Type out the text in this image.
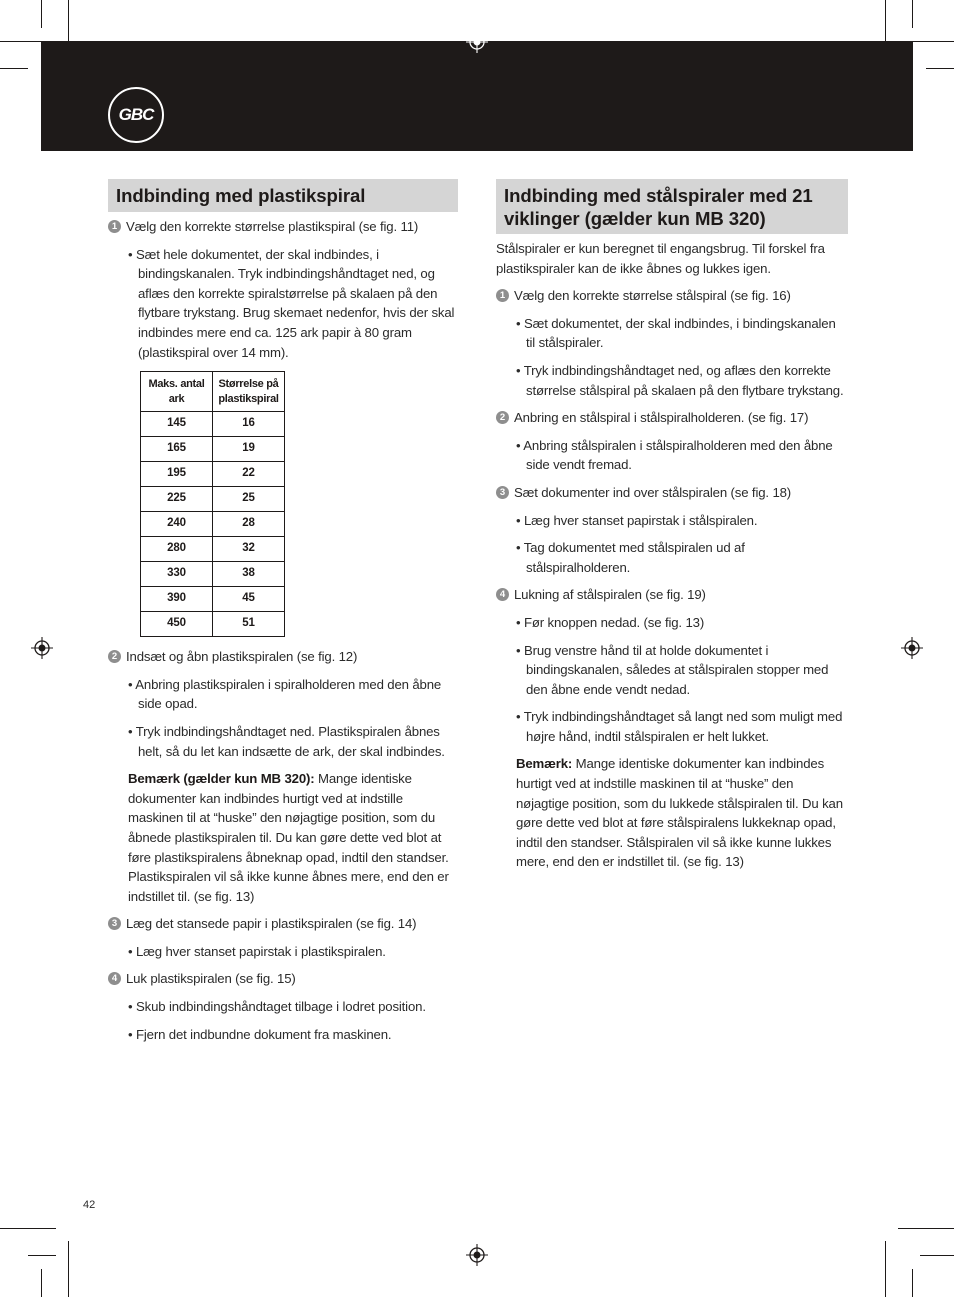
GBC
Indbinding med plastikspiral
1 Vælg den korrekte størrelse plastikspiral (se fig. 11)

• Sæt hele dokumentet, der skal indbindes, i bindingskanalen. Tryk indbindingshåndtaget ned, og aflæs den korrekte spiralstørrelse på skalaen på den flytbare trykstang. Brug skemaet nedenfor, hvis der skal indbindes mere end ca. 125 ark papir à 80 gram (plastikspiral over 14 mm).

Maks. antal ark	Størrelse på plastikspiral
145	16
165	19
195	22
225	25
240	28
280	32
330	38
390	45
450	51
2 Indsæt og åbn plastikspiralen (se fig. 12)

• Anbring plastikspiralen i spiralholderen med den åbne side opad.

• Tryk indbindingshåndtaget ned. Plastikspiralen åbnes helt, så du let kan indsætte de ark, der skal indbindes.

Bemærk (gælder kun MB 320): Mange identiske dokumenter kan indbindes hurtigt ved at indstille maskinen til at “huske” den nøjagtige position, som du åbnede plastikspiralen til. Du kan gøre dette ved blot at føre plastikspiralens åbneknap opad, indtil den standser. Plastikspiralen vil så ikke kunne åbnes mere, end den er indstillet til. (se fig. 13)

3 Læg det stansede papir i plastikspiralen (se fig. 14)

• Læg hver stanset papirstak i plastikspiralen.

4 Luk plastikspiralen (se fig. 15)

• Skub indbindingshåndtaget tilbage i lodret position.

• Fjern det indbundne dokument fra maskinen.

Indbinding med stålspiraler med 21 viklinger (gælder kun MB 320)

Stålspiraler er kun beregnet til engangsbrug. Til forskel fra plastikspiraler kan de ikke åbnes og lukkes igen.

1 Vælg den korrekte størrelse stålspiral (se fig. 16)

• Sæt dokumentet, der skal indbindes, i bindingskanalen til stålspiraler.

• Tryk indbindingshåndtaget ned, og aflæs den korrekte størrelse stålspiral på skalaen på den flytbare trykstang.

2 Anbring en stålspiral i stålspiralholderen. (se fig. 17)

• Anbring stålspiralen i stålspiralholderen med den åbne side vendt fremad.

3 Sæt dokumenter ind over stålspiralen (se fig. 18)

• Læg hver stanset papirstak i stålspiralen.

• Tag dokumentet med stålspiralen ud af stålspiralholderen.

4 Lukning af stålspiralen (se fig. 19)

• Før knoppen nedad. (se fig. 13)

• Brug venstre hånd til at holde dokumentet i bindingskanalen, således at stålspiralen stopper med den åbne ende vendt nedad.

• Tryk indbindingshåndtaget så langt ned som muligt med højre hånd, indtil stålspiralen er helt lukket.

Bemærk: Mange identiske dokumenter kan indbindes hurtigt ved at indstille maskinen til at “huske” den nøjagtige position, som du lukkede stålspiralen til. Du kan gøre dette ved blot at føre stålspiralens lukkeknap opad, indtil den standser. Stålspiralen vil så ikke kunne lukkes mere, end den er indstillet til. (se fig. 13)

42
